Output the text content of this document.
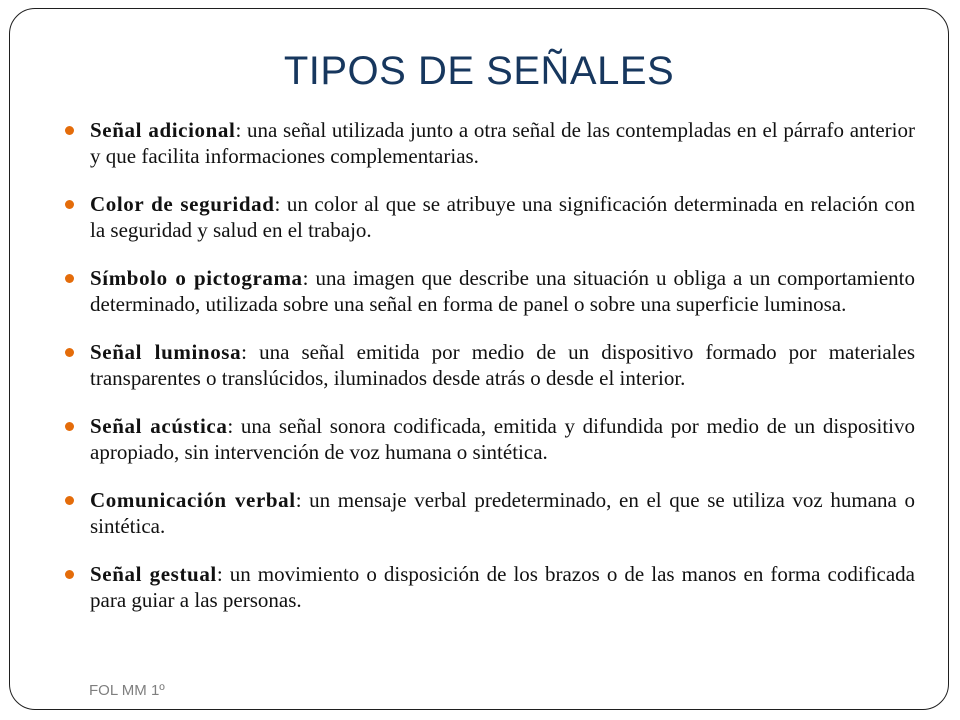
TIPOS DE SEÑALES
Señal adicional: una señal utilizada junto a otra señal de las contempladas en el párrafo anterior y que facilita informaciones complementarias.
Color de seguridad: un color al que se atribuye una significación determinada en relación con la seguridad y salud en el trabajo.
Símbolo o pictograma: una imagen que describe una situación u obliga a un comportamiento determinado, utilizada sobre una señal en forma de panel o sobre una superficie luminosa.
Señal luminosa: una señal emitida por medio de un dispositivo formado por materiales transparentes o translúcidos, iluminados desde atrás o desde el interior.
Señal acústica: una señal sonora codificada, emitida y difundida por medio de un dispositivo apropiado, sin intervención de voz humana o sintética.
Comunicación verbal: un mensaje verbal predeterminado, en el que se utiliza voz humana o sintética.
Señal gestual: un movimiento o disposición de los brazos o de las manos en forma codificada para guiar a las personas.
FOL MM 1º
